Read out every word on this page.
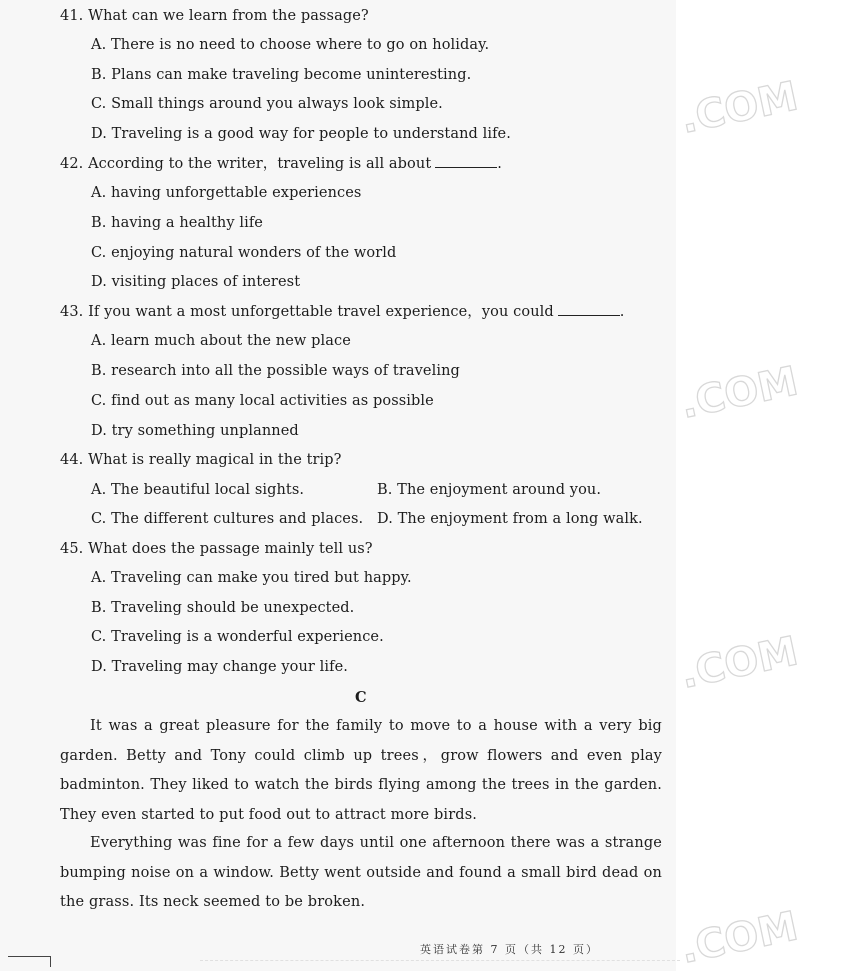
41. What can we learn from the passage?
A. There is no need to choose where to go on holiday.
B. Plans can make traveling become uninteresting.
C. Small things around you always look simple.
D. Traveling is a good way for people to understand life.
42. According to the writer，traveling is all about	.
A. having unforgettable experiences
B. having a healthy life
C. enjoying natural wonders of the world
D. visiting places of interest
43. If you want a most unforgettable travel experience，you could	.
A. learn much about the new place
B. research into all the possible ways of traveling
C. find out as many local activities as possible
D. try something unplanned
44. What is really magical in the trip?
A. The beautiful local sights.	B. The enjoyment around you.
C. The different cultures and places. D. The enjoyment from a long walk.
45. What does the passage mainly tell us?
A. Traveling can make you tired but happy.
B. Traveling should be unexpected.
C. Traveling is a wonderful experience.
D. Traveling may change your life.
C
It was a great pleasure for the family to move to a house with a very big garden. Betty and Tony could climb up trees，grow flowers and even play badminton. They liked to watch the birds flying among the trees in the garden. They even started to put food out to attract more birds.
Everything was fine for a few days until one afternoon there was a strange bumping noise on a window. Betty went outside and found a small bird dead on the grass. Its neck seemed to be broken.
英语试卷第 7 页（共 12 页）
.COM
.COM
.COM
.COM
